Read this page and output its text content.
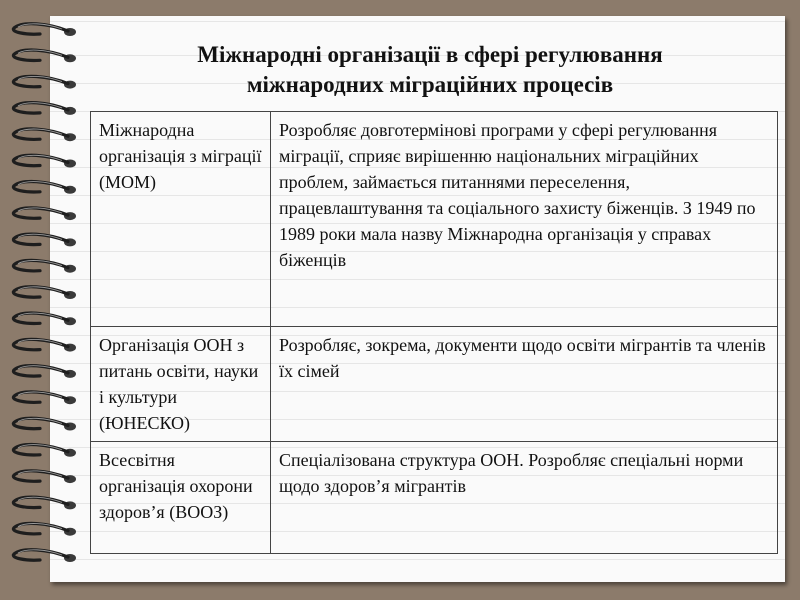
Міжнародні організації в сфері регулювання
міжнародних міграційних процесів
Міжнародна організація з міграції (МОМ)	Розробляє довготермінові програми у сфері регулювання міграції, сприяє вирішенню національних міграційних проблем, займається питаннями переселення, працевлаштування та соціального захисту біженців. З 1949 по 1989 роки мала назву Міжнародна організація у справах біженців
Організація ООН з питань освіти, науки і культури (ЮНЕСКО)	Розробляє, зокрема, документи щодо освіти мігрантів та членів їх сімей
Всесвітня організація охорони здоров’я (ВООЗ)	Спеціалізована структура ООН. Розробляє спеціальні норми щодо здоров’я мігрантів
